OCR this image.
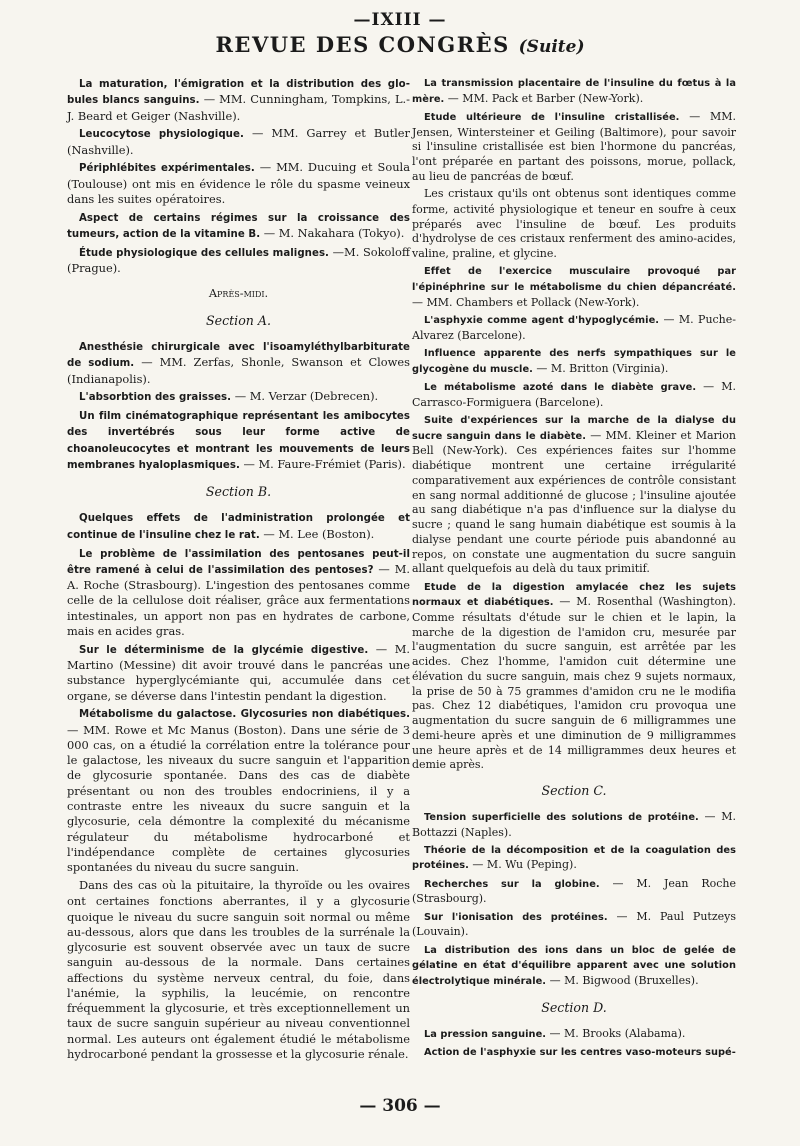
—IXIII —
REVUE DES CONGRÈS (Suite)

La maturation, l'émigration et la distribution des glo-bules blancs sanguins. — MM. Cunningham, Tompkins, L.-J. Beard et Geiger (Nashville).

Leucocytose physiologique. — MM. Garrey et Butler (Nashville).

Périphlébites expérimentales. — MM. Ducuing et Soula (Toulouse) ont mis en évidence le rôle du spasme veineux dans les suites opératoires.

Aspect de certains régimes sur la croissance des tumeurs, action de la vitamine B. — M. Nakahara (Tokyo).

Étude physiologique des cellules malignes. —M. Sokoloff (Prague).

Après-midi.
Section A.

Anesthésie chirurgicale avec l'isoamyléthylbarbiturate de sodium. — MM. Zerfas, Shonle, Swanson et Clowes (Indianapolis).

L'absorbtion des graisses. — M. Verzar (Debrecen).

Un film cinématographique représentant les amibocytes des invertébrés sous leur forme active de choanoleucocytes et montrant les mouvements de leurs membranes hyaloplasmiques. — M. Faure-Frémiet (Paris).

Section B.

Quelques effets de l'administration prolongée et continue de l'insuline chez le rat. — M. Lee (Boston).

Le problème de l'assimilation des pentosanes peut-il être ramené à celui de l'assimilation des pentoses? — M. A. Roche (Strasbourg). L'ingestion des pentosanes comme celle de la cellulose doit réaliser, grâce aux fermentations intestinales, un apport non pas en hydrates de carbone, mais en acides gras.

Sur le déterminisme de la glycémie digestive. — M. Martino (Messine) dit avoir trouvé dans le pancréas une substance hyperglycémiante qui, accumulée dans cet organe, se déverse dans l'intestin pendant la digestion.

Métabolisme du galactose. Glycosuries non diabétiques. — MM. Rowe et Mc Manus (Boston). Dans une série de 3 000 cas, on a étudié la corrélation entre la tolérance pour le galactose, les niveaux du sucre sanguin et l'apparition de glycosurie spontanée. Dans des cas de diabète présentant ou non des troubles endocriniens, il y a contraste entre les niveaux du sucre sanguin et la glycosurie, cela démontre la complexité du mécanisme régulateur du métabolisme hydrocarboné et l'indépendance complète de certaines glycosuries spontanées du niveau du sucre sanguin.

Dans des cas où la pituitaire, la thyroïde ou les ovaires ont certaines fonctions aberrantes, il y a glycosurie quoique le niveau du sucre sanguin soit normal ou même au-dessous, alors que dans les troubles de la surrénale la glycosurie est souvent observée avec un taux de sucre sanguin au-dessous de la normale. Dans certaines affections du système nerveux central, du foie, dans l'anémie, la syphilis, la leucémie, on rencontre fréquemment la glycosurie, et très exceptionnellement un taux de sucre sanguin supérieur au niveau conventionnel normal. Les auteurs ont également étudié le métabolisme hydrocarboné pendant la grossesse et la glycosurie rénale.

La transmission placentaire de l'insuline du fœtus à la mère. — MM. Pack et Barber (New-York).

Etude ultérieure de l'insuline cristallisée. — MM. Jensen, Wintersteiner et Geiling (Baltimore), pour savoir si l'insuline cristallisée est bien l'hormone du pancréas, l'ont préparée en partant des poissons, morue, pollack, au lieu de pancréas de bœuf.

Les cristaux qu'ils ont obtenus sont identiques comme forme, activité physiologique et teneur en soufre à ceux préparés avec l'insuline de bœuf. Les produits d'hydrolyse de ces cristaux renferment des amino-acides, valine, praline, et glycine.

Effet de l'exercice musculaire provoqué par l'épinéphrine sur le métabolisme du chien dépancréaté. — MM. Chambers et Pollack (New-York).

L'asphyxie comme agent d'hypoglycémie. — M. Puche-Alvarez (Barcelone).

Influence apparente des nerfs sympathiques sur le glycogène du muscle. — M. Britton (Virginia).

Le métabolisme azoté dans le diabète grave. — M. Carrasco-Formiguera (Barcelone).

Suite d'expériences sur la marche de la dialyse du sucre sanguin dans le diabète. — MM. Kleiner et Marion Bell (New-York). Ces expériences faites sur l'homme diabétique montrent une certaine irrégularité comparativement aux expériences de contrôle consistant en sang normal additionné de glucose ; l'insuline ajoutée au sang diabétique n'a pas d'influence sur la dialyse du sucre ; quand le sang humain diabétique est soumis à la dialyse pendant une courte période puis abandonné au repos, on constate une augmentation du sucre sanguin allant quelquefois au delà du taux primitif.

Etude de la digestion amylacée chez les sujets normaux et diabétiques. — M. Rosenthal (Washington). Comme résultats d'étude sur le chien et le lapin, la marche de la digestion de l'amidon cru, mesurée par l'augmentation du sucre sanguin, est arrêtée par les acides. Chez l'homme, l'amidon cuit détermine une élévation du sucre sanguin, mais chez 9 sujets normaux, la prise de 50 à 75 grammes d'amidon cru ne le modifia pas. Chez 12 diabétiques, l'amidon cru provoqua une augmentation du sucre sanguin de 6 milligrammes une demi-heure après et une diminution de 9 milligrammes une heure après et de 14 milligrammes deux heures et demie après.

Section C.

Tension superficielle des solutions de protéine. — M. Bottazzi (Naples).

Théorie de la décomposition et de la coagulation des protéines. — M. Wu (Peping).

Recherches sur la globine. — M. Jean Roche (Strasbourg).

Sur l'ionisation des protéines. — M. Paul Putzeys (Louvain).

La distribution des ions dans un bloc de gelée de gélatine en état d'équilibre apparent avec une solution électrolytique minérale. — M. Bigwood (Bruxelles).

Section D.

La pression sanguine. — M. Brooks (Alabama).

Action de l'asphyxie sur les centres vaso-moteurs supé-

— 306 —
